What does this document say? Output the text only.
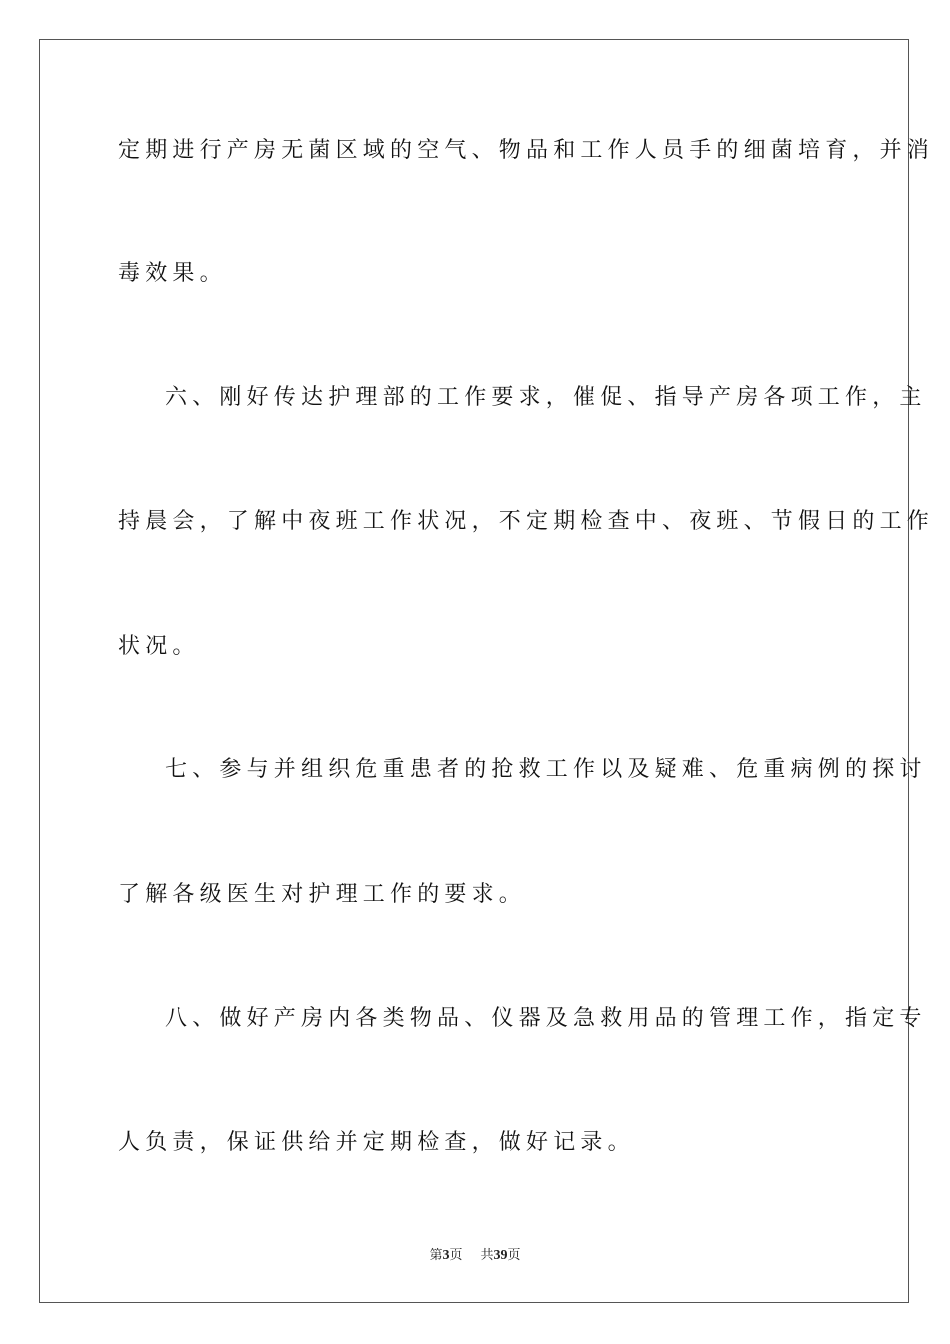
定期进行产房无菌区域的空气、物品和工作人员手的细菌培育，并消
毒效果。
六、刚好传达护理部的工作要求，催促、指导产房各项工作，主
持晨会，了解中夜班工作状况，不定期检查中、夜班、节假日的工作
状况。
七、参与并组织危重患者的抢救工作以及疑难、危重病例的探讨
了解各级医生对护理工作的要求。
八、做好产房内各类物品、仪器及急救用品的管理工作，指定专
人负责，保证供给并定期检查，做好记录。
第3页 共39页
